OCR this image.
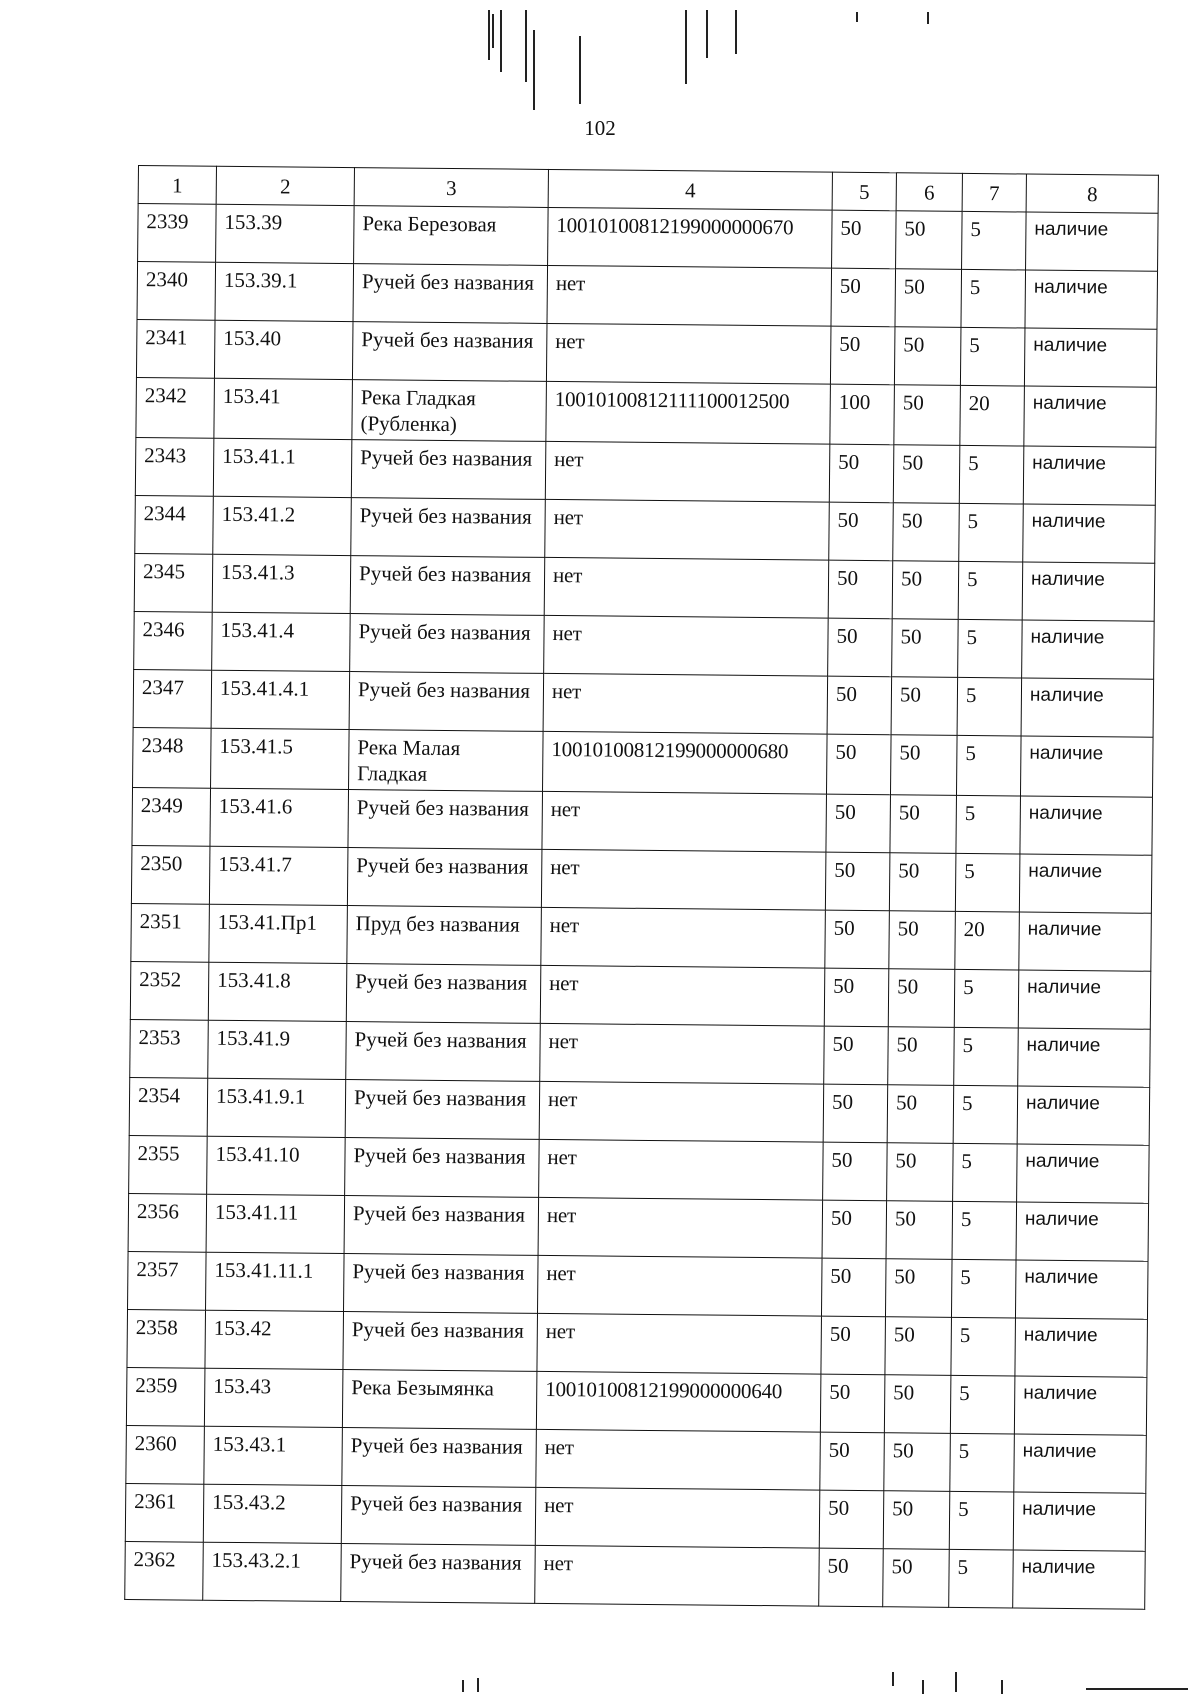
102
1	2	3	4	5	6	7	8
2339	153.39	Река Березовая	10010100812199000000670	50	50	5	наличие
2340	153.39.1	Ручей без названия	нет	50	50	5	наличие
2341	153.40	Ручей без названия	нет	50	50	5	наличие
2342	153.41	Река Гладкая (Рубленка)	10010100812111100012500	100	50	20	наличие
2343	153.41.1	Ручей без названия	нет	50	50	5	наличие
2344	153.41.2	Ручей без названия	нет	50	50	5	наличие
2345	153.41.3	Ручей без названия	нет	50	50	5	наличие
2346	153.41.4	Ручей без названия	нет	50	50	5	наличие
2347	153.41.4.1	Ручей без названия	нет	50	50	5	наличие
2348	153.41.5	Река Малая Гладкая	10010100812199000000680	50	50	5	наличие
2349	153.41.6	Ручей без названия	нет	50	50	5	наличие
2350	153.41.7	Ручей без названия	нет	50	50	5	наличие
2351	153.41.Пр1	Пруд без названия	нет	50	50	20	наличие
2352	153.41.8	Ручей без названия	нет	50	50	5	наличие
2353	153.41.9	Ручей без названия	нет	50	50	5	наличие
2354	153.41.9.1	Ручей без названия	нет	50	50	5	наличие
2355	153.41.10	Ручей без названия	нет	50	50	5	наличие
2356	153.41.11	Ручей без названия	нет	50	50	5	наличие
2357	153.41.11.1	Ручей без названия	нет	50	50	5	наличие
2358	153.42	Ручей без названия	нет	50	50	5	наличие
2359	153.43	Река Безымянка	10010100812199000000640	50	50	5	наличие
2360	153.43.1	Ручей без названия	нет	50	50	5	наличие
2361	153.43.2	Ручей без названия	нет	50	50	5	наличие
2362	153.43.2.1	Ручей без названия	нет	50	50	5	наличие
